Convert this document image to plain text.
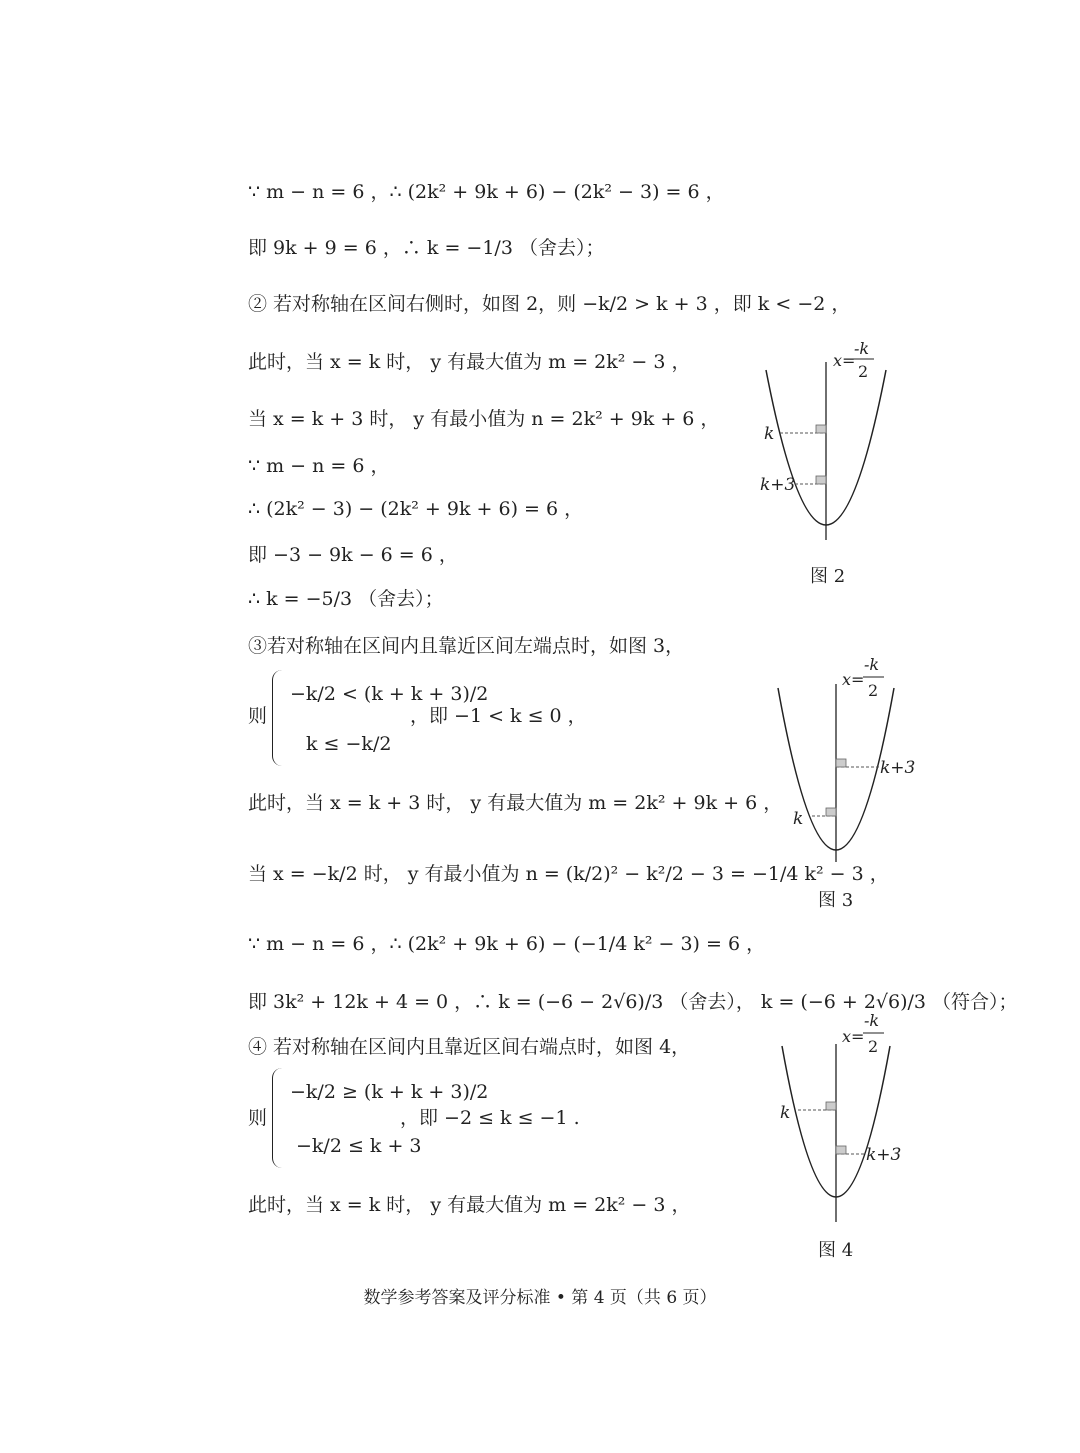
∵ m − n = 6 ，∴ (2k² + 9k + 6) − (2k² − 3) = 6 ，
即 9k + 9 = 6 ，∴ k = −1/3 （舍去）；
② 若对称轴在区间右侧时，如图 2，则 −k/2 > k + 3 ，即 k < −2 ，
此时，当 x = k 时， y 有最大值为 m = 2k² − 3 ，
当 x = k + 3 时， y 有最小值为 n = 2k² + 9k + 6 ，
∵ m − n = 6 ，
∴ (2k² − 3) − (2k² + 9k + 6) = 6 ，
即 −3 − 9k − 6 = 6 ，
∴ k = −5/3 （舍去）；
③若对称轴在区间内且靠近区间左端点时，如图 3，
则
−k/2 < (k + k + 3)/2
k ≤ −k/2
，即 −1 < k ≤ 0 ，
此时，当 x = k + 3 时， y 有最大值为 m = 2k² + 9k + 6 ，
当 x = −k/2 时， y 有最小值为 n = (k/2)² − k²/2 − 3 = −1/4 k² − 3 ，
∵ m − n = 6 ，∴ (2k² + 9k + 6) − (−1/4 k² − 3) = 6 ，
即 3k² + 12k + 4 = 0 ，∴ k = (−6 − 2√6)/3 （舍去）， k = (−6 + 2√6)/3 （符合）；
④ 若对称轴在区间内且靠近区间右端点时，如图 4，
则
−k/2 ≥ (k + k + 3)/2
−k/2 ≤ k + 3
，即 −2 ≤ k ≤ −1 .
此时，当 x = k 时， y 有最大值为 m = 2k² − 3 ，
x=
-k
2
k
k+3
图 2
x=
-k
2
k+3
k
图 3
x=
-k
2
k
k+3
图 4
数学参考答案及评分标准 • 第 4 页（共 6 页）
